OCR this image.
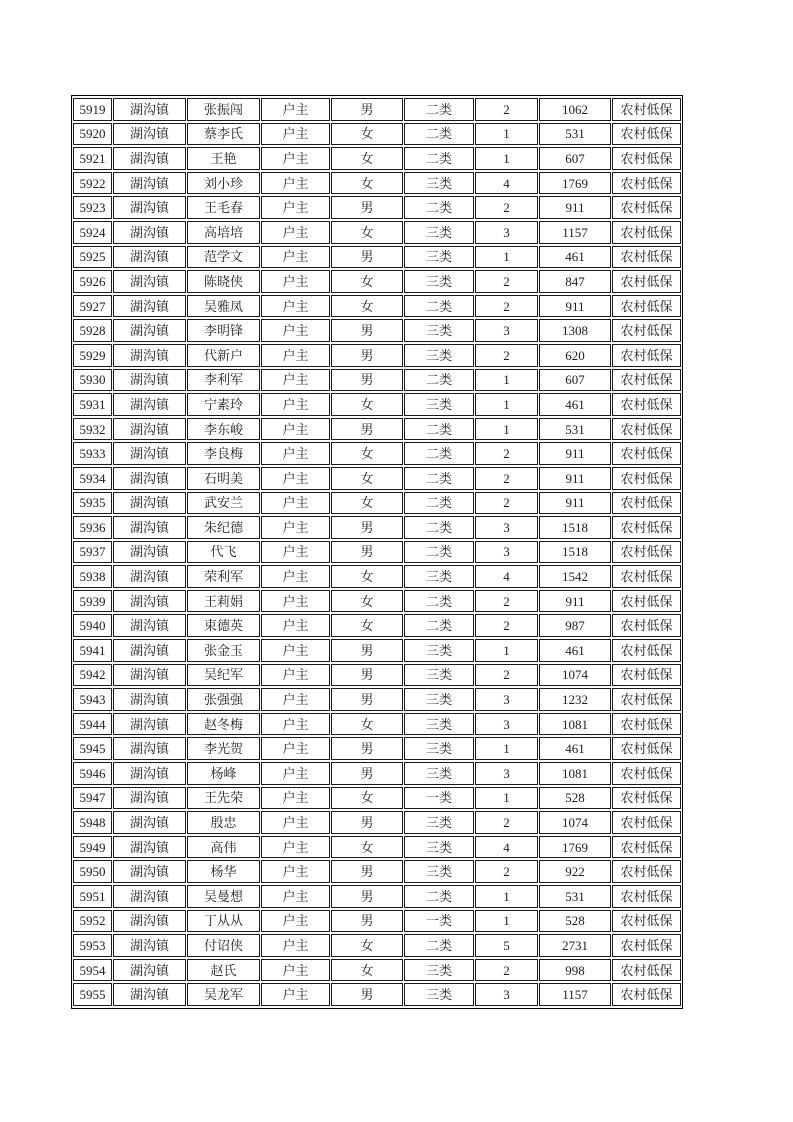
5919	湖沟镇	张振闯	户主	男	二类	2	1062	农村低保
5920	湖沟镇	蔡李氏	户主	女	二类	1	531	农村低保
5921	湖沟镇	王艳	户主	女	二类	1	607	农村低保
5922	湖沟镇	刘小珍	户主	女	三类	4	1769	农村低保
5923	湖沟镇	王毛春	户主	男	二类	2	911	农村低保
5924	湖沟镇	高培培	户主	女	三类	3	1157	农村低保
5925	湖沟镇	范学文	户主	男	三类	1	461	农村低保
5926	湖沟镇	陈晓侠	户主	女	三类	2	847	农村低保
5927	湖沟镇	吴雅凤	户主	女	二类	2	911	农村低保
5928	湖沟镇	李明锋	户主	男	三类	3	1308	农村低保
5929	湖沟镇	代新户	户主	男	三类	2	620	农村低保
5930	湖沟镇	李利军	户主	男	二类	1	607	农村低保
5931	湖沟镇	宁素玲	户主	女	三类	1	461	农村低保
5932	湖沟镇	李东峻	户主	男	二类	1	531	农村低保
5933	湖沟镇	李良梅	户主	女	二类	2	911	农村低保
5934	湖沟镇	石明美	户主	女	二类	2	911	农村低保
5935	湖沟镇	武安兰	户主	女	二类	2	911	农村低保
5936	湖沟镇	朱纪德	户主	男	二类	3	1518	农村低保
5937	湖沟镇	代飞	户主	男	二类	3	1518	农村低保
5938	湖沟镇	荣利军	户主	女	三类	4	1542	农村低保
5939	湖沟镇	王莉娟	户主	女	二类	2	911	农村低保
5940	湖沟镇	束德英	户主	女	二类	2	987	农村低保
5941	湖沟镇	张金玉	户主	男	三类	1	461	农村低保
5942	湖沟镇	吴纪军	户主	男	三类	2	1074	农村低保
5943	湖沟镇	张强强	户主	男	三类	3	1232	农村低保
5944	湖沟镇	赵冬梅	户主	女	三类	3	1081	农村低保
5945	湖沟镇	李光贺	户主	男	三类	1	461	农村低保
5946	湖沟镇	杨峰	户主	男	三类	3	1081	农村低保
5947	湖沟镇	王先荣	户主	女	一类	1	528	农村低保
5948	湖沟镇	殷忠	户主	男	三类	2	1074	农村低保
5949	湖沟镇	高伟	户主	女	三类	4	1769	农村低保
5950	湖沟镇	杨华	户主	男	三类	2	922	农村低保
5951	湖沟镇	吴曼想	户主	男	二类	1	531	农村低保
5952	湖沟镇	丁从从	户主	男	一类	1	528	农村低保
5953	湖沟镇	付诏侠	户主	女	二类	5	2731	农村低保
5954	湖沟镇	赵氏	户主	女	三类	2	998	农村低保
5955	湖沟镇	吴龙军	户主	男	三类	3	1157	农村低保
